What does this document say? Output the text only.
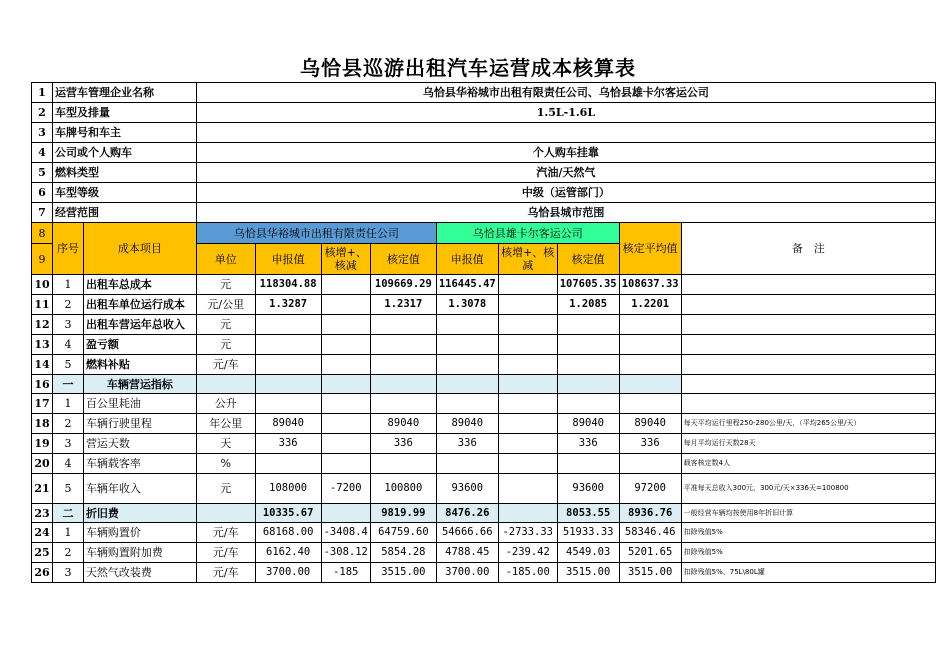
乌恰县巡游出租汽车运营成本核算表
1	运营车管理企业名称		乌恰县华裕城市出租有限责任公司、乌恰县雄卡尔客运公司								
2	车型及排量		1.5L-1.6L								
3	车牌号和车主										
4	公司或个人购车		个人购车挂靠								
5	燃料类型		汽油/天然气								
6	车型等级		中级（运管部门）								
7	经营范围		乌恰县城市范围								
8	序号	成本项目	乌恰县华裕城市出租有限责任公司				乌恰县雄卡尔客运公司			核定平均值	备　注
9			单位	申报值	核增+、核减	核定值	申报值	核增+、核减	核定值		
10	1	出租车总成本	元	118304.88		109669.29	116445.47		107605.35	108637.33	
11	2	出租车单位运行成本	元/公里	1.3287		1.2317	1.3078		1.2085	1.2201	
12	3	出租车营运年总收入	元								
13	4	盈亏额	元								
14	5	燃料补贴	元/车								
16	一	车辆营运指标									
17	1	百公里耗油	公升								
18	2	车辆行驶里程	年公里	89040		89040	89040		89040	89040	每天平均运行里程250-280公里/天，（平均265公里/天）
19	3	营运天数	天	336		336	336		336	336	每月平均运行天数28天
20	4	车辆载客率	%								载客核定数4人
21	5	车辆年收入	元	108000	-7200	100800	93600		93600	97200	平准每天总收入300元，300元/天×336天=100800
23	二	折旧费		10335.67		9819.99	8476.26		8053.55	8936.76	一般经营车辆均按使用8年折旧计算
24	1	车辆购置价	元/车	68168.00	-3408.4	64759.60	54666.66	-2733.33	51933.33	58346.46	扣除残值5%
25	2	车辆购置附加费	元/车	6162.40	-308.12	5854.28	4788.45	-239.42	4549.03	5201.65	扣除残值5%
26	3	天然气改装费	元/车	3700.00	-185	3515.00	3700.00	-185.00	3515.00	3515.00	扣除残值5%、75L\80L罐
